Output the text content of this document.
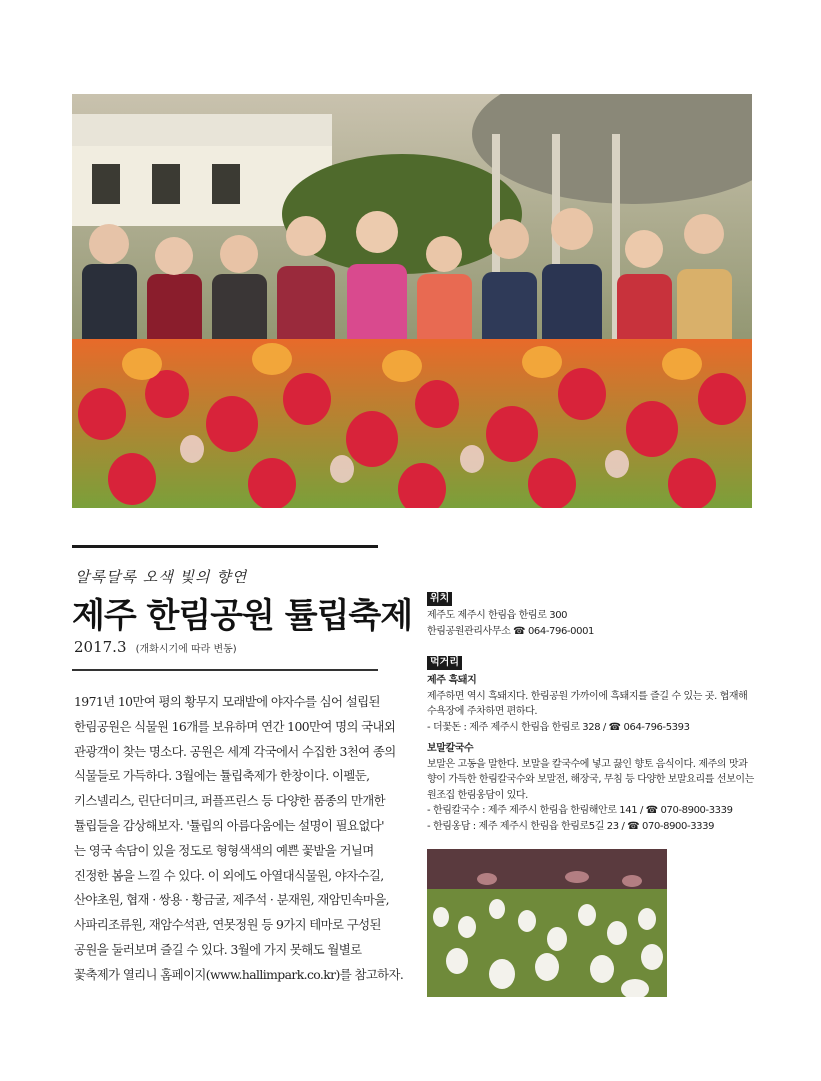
알록달록 오색 빛의 향연
제주 한림공원 튤립축제
2017.3 (개화시기에 따라 변동)

1971년 10만여 평의 황무지 모래밭에 야자수를 심어 설립된

한림공원은 식물원 16개를 보유하며 연간 100만여 명의 국내외

관광객이 찾는 명소다. 공원은 세계 각국에서 수집한 3천여 종의

식물들로 가득하다. 3월에는 튤립축제가 한창이다. 이펠둔,

키스넬리스, 린단더미크, 퍼플프린스 등 다양한 품종의 만개한

튤립들을 감상해보자. '튤립의 아름다움에는 설명이 필요없다'

는 영국 속담이 있을 정도로 형형색색의 예쁜 꽃밭을 거닐며

진정한 봄을 느낄 수 있다. 이 외에도 아열대식물원, 야자수길,

산야초원, 협재 · 쌍용 · 황금굴, 제주석 · 분재원, 재암민속마을,

사파리조류원, 재암수석관, 연못정원 등 9가지 테마로 구성된

공원을 둘러보며 즐길 수 있다. 3월에 가지 못해도 월별로

꽃축제가 열리니 홈페이지(www.hallimpark.co.kr)를 참고하자.

위치

제주도 제주시 한림읍 한림로 300

한림공원관리사무소 ☎ 064-796-0001

먹거리

제주 흑돼지

제주하면 역시 흑돼지다. 한림공원 가까이에 흑돼지를 즐길 수 있는 곳. 협재해

수욕장에 주차하면 편하다.

- 더꽃돈 : 제주 제주시 한림읍 한림로 328 / ☎ 064-796-5393

보말칼국수

보말은 고동을 말한다. 보말을 칼국수에 넣고 끓인 향토 음식이다. 제주의 맛과

향이 가득한 한림칼국수와 보말전, 해장국, 무침 등 다양한 보말요리를 선보이는

원조집 한림옹담이 있다.

- 한림칼국수 : 제주 제주시 한림읍 한림해안로 141 / ☎ 070-8900-3339

- 한림옹담 : 제주 제주시 한림읍 한림로5길 23 / ☎ 070-8900-3339
